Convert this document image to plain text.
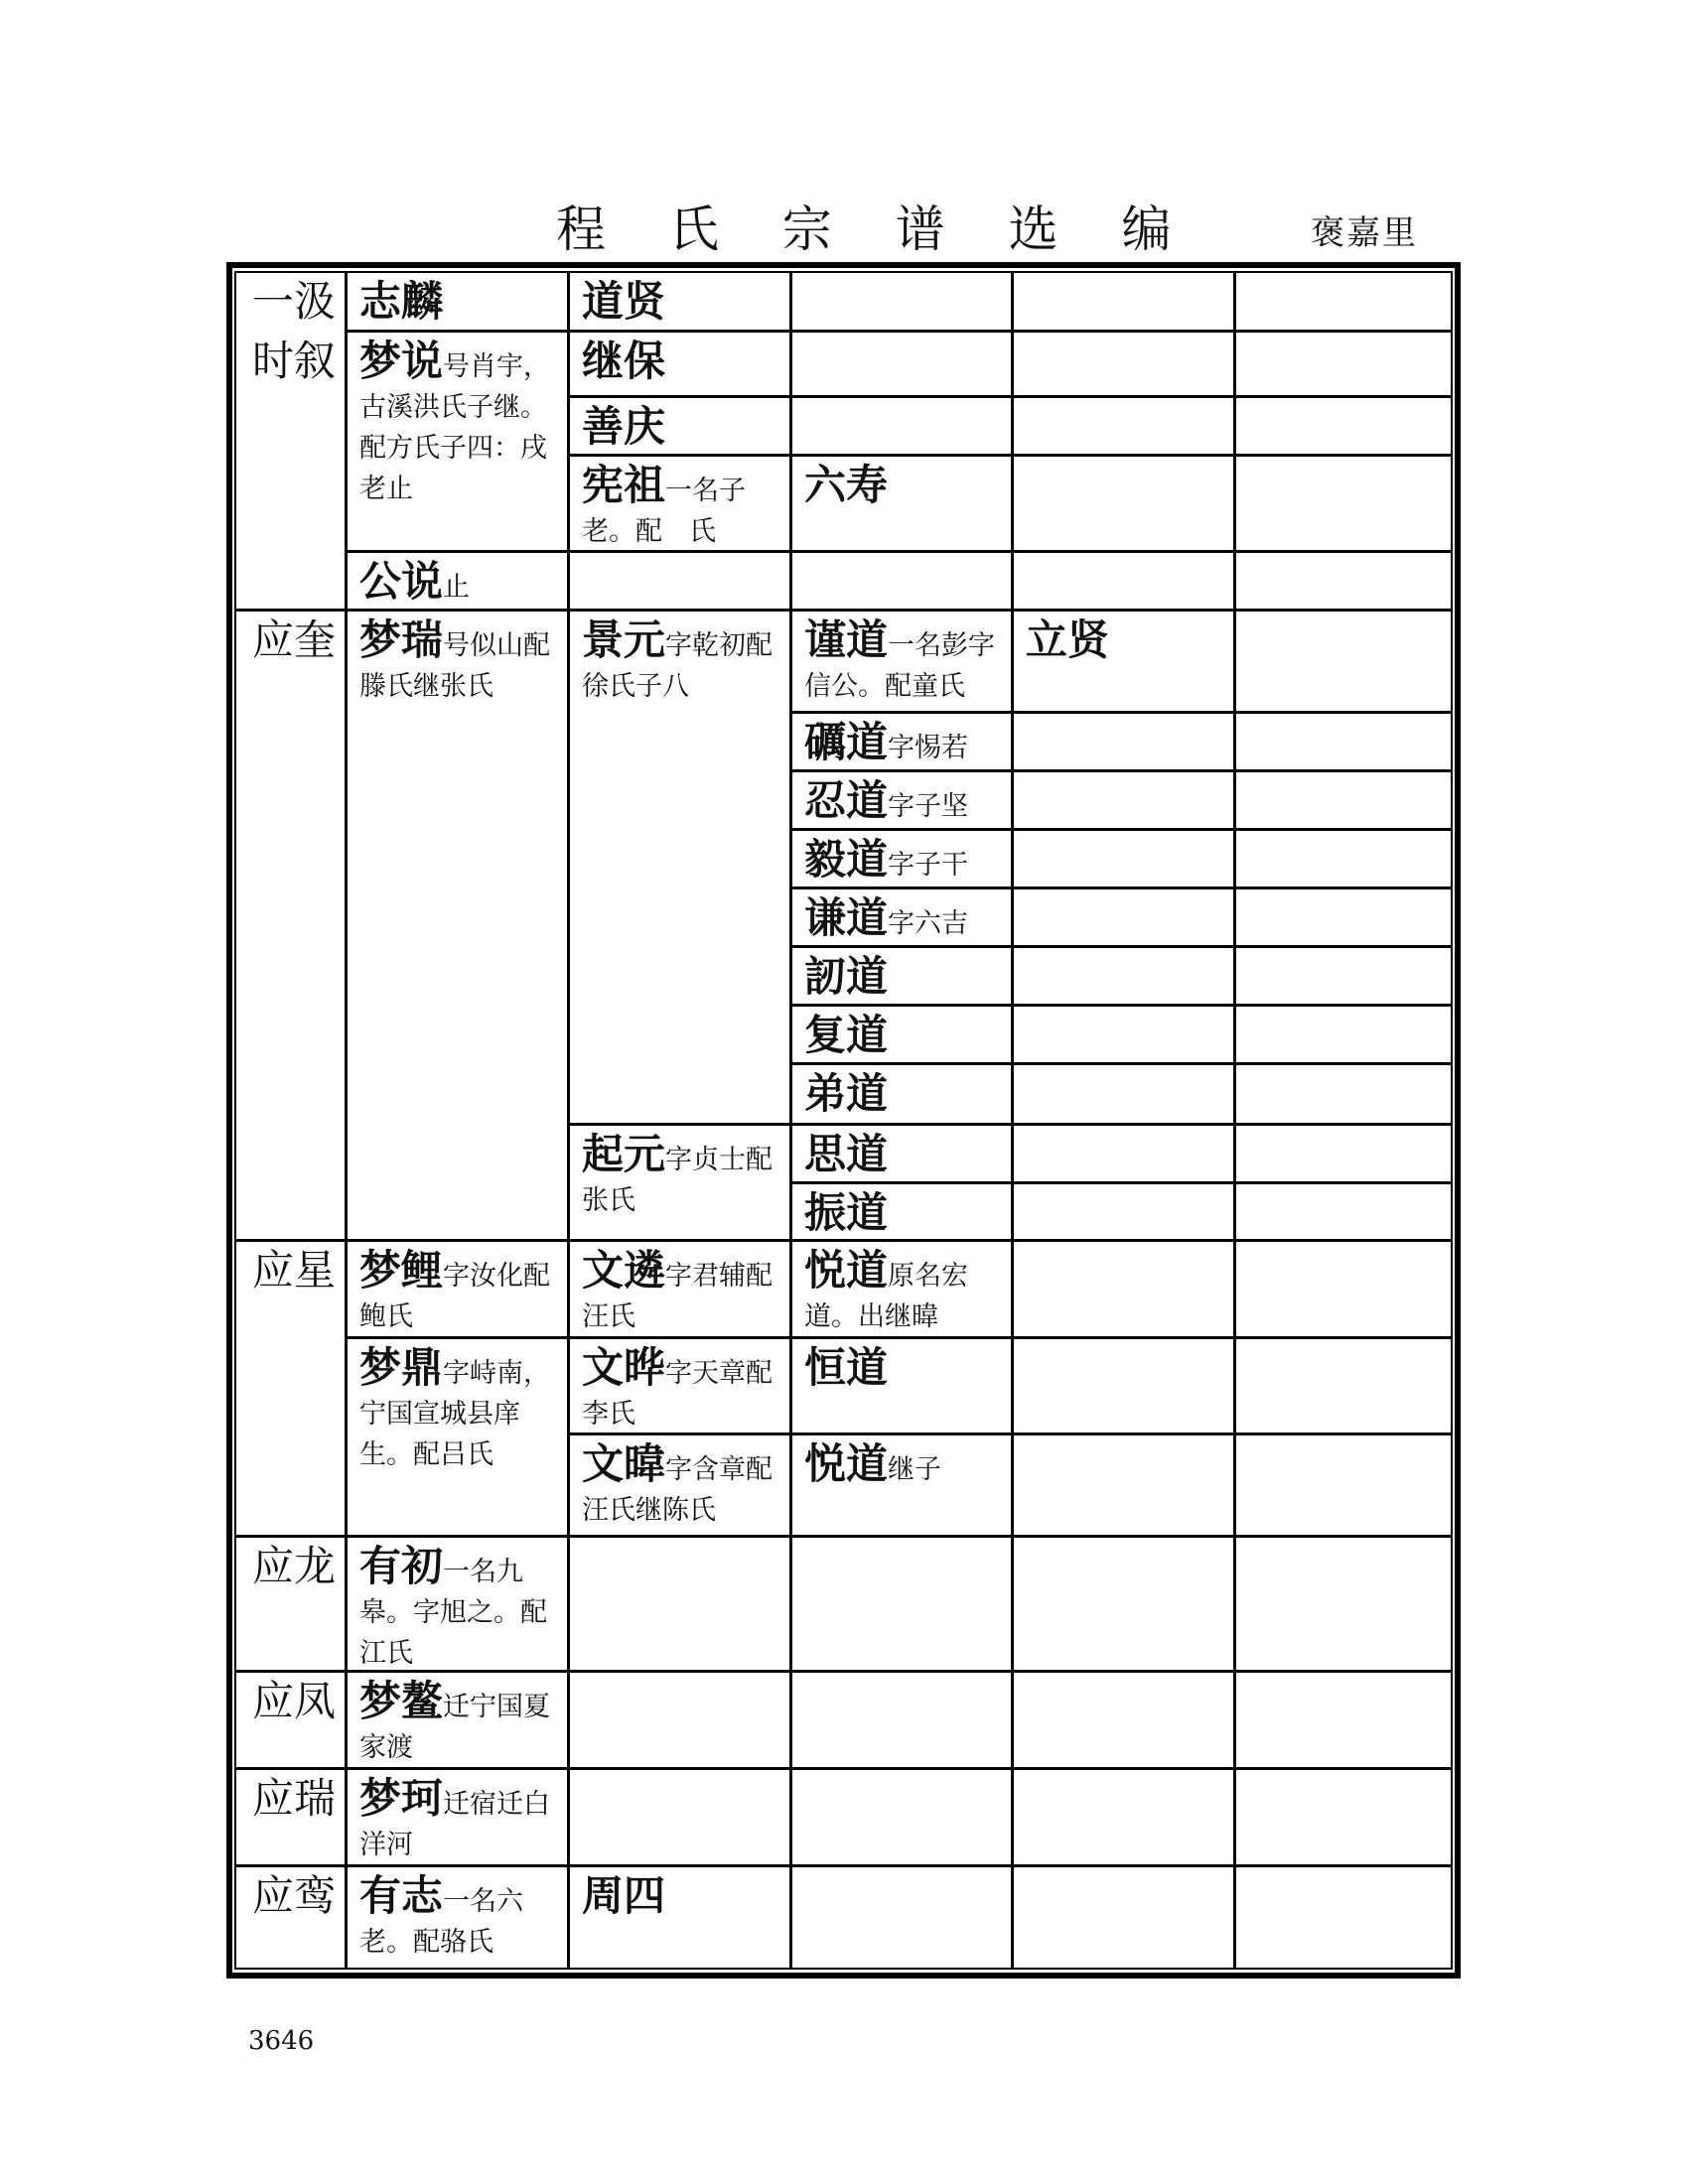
程 氏 宗 谱 选 编	褒嘉里
一汲 志麟	道贤
时叙 梦说号肖宇，古溪洪氏子继。配方氏子四：戌老止
继保
善庆
宪祖一名子老。配　氏
六寿
公说止
应奎 梦瑞号似山配滕氏继张氏
景元字乾初配徐氏子八
谨道一名彭字信公。配童氏
立贤
礪道字惕若
忍道字子坚
毅道字子干
谦道字六吉
訒道
复道
弟道
起元字贞士配张氏
思道
振道
应星 梦鲤字汝化配鲍氏
文遴字君辅配汪氏
悦道原名宏道。出继暐
梦鼎字峙南，宁国宣城县庠生。配吕氏
文晔字天章配李氏
恒道
文暐字含章配汪氏继陈氏
悦道继子
应龙 有初一名九皋。字旭之。配江氏
应凤 梦鳌迁宁国夏家渡
应瑞 梦珂迁宿迁白洋河
应鸾 有志一名六老。配骆氏
周四
3646
